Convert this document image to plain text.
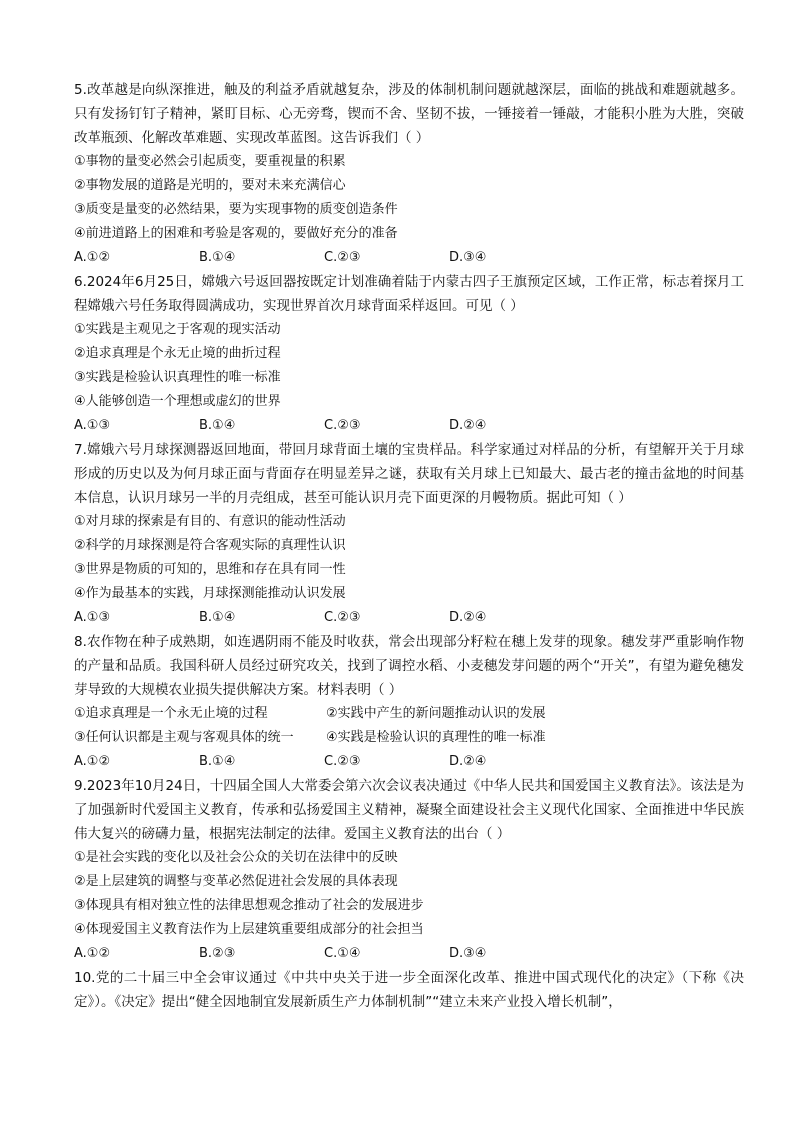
5.改革越是向纵深推进，触及的利益矛盾就越复杂，涉及的体制机制问题就越深层，面临的挑战和难题就越多。只有发扬钉钉子精神，紧盯目标、心无旁骛，锲而不舍、坚韧不拔，一锤接着一锤敲，才能积小胜为大胜，突破改革瓶颈、化解改革难题、实现改革蓝图。这告诉我们（ ）

①事物的量变必然会引起质变，要重视量的积累

②事物发展的道路是光明的，要对未来充满信心

③质变是量变的必然结果，要为实现事物的质变创造条件

④前进道路上的困难和考验是客观的，要做好充分的准备

A.①②	B.①④	C.②③	D.③④

6.2024年6月25日，嫦娥六号返回器按既定计划准确着陆于内蒙古四子王旗预定区域，工作正常，标志着探月工程嫦娥六号任务取得圆满成功，实现世界首次月球背面采样返回。可见（ ）

①实践是主观见之于客观的现实活动

②追求真理是个永无止境的曲折过程

③实践是检验认识真理性的唯一标准

④人能够创造一个理想或虚幻的世界

A.①③	B.①④	C.②③	D.②④

7.嫦娥六号月球探测器返回地面，带回月球背面土壤的宝贵样品。科学家通过对样品的分析，有望解开关于月球形成的历史以及为何月球正面与背面存在明显差异之谜，获取有关月球上已知最大、最古老的撞击盆地的时间基本信息，认识月球另一半的月壳组成，甚至可能认识月壳下面更深的月幔物质。据此可知（ ）

①对月球的探索是有目的、有意识的能动性活动

②科学的月球探测是符合客观实际的真理性认识

③世界是物质的可知的，思维和存在具有同一性

④作为最基本的实践，月球探测能推动认识发展

A.①③	B.①④	C.②③	D.②④

8.农作物在种子成熟期，如连遇阴雨不能及时收获，常会出现部分籽粒在穗上发芽的现象。穗发芽严重影响作物的产量和品质。我国科研人员经过研究攻关，找到了调控水稻、小麦穗发芽问题的两个“开关”，有望为避免穗发芽导致的大规模农业损失提供解决方案。材料表明（ ）

①追求真理是一个永无止境的过程	②实践中产生的新问题推动认识的发展
③任何认识都是主观与客观具体的统一	④实践是检验认识的真理性的唯一标准
A.①②	B.①④	C.②③	D.②④

9.2023年10月24日，十四届全国人大常委会第六次会议表决通过《中华人民共和国爱国主义教育法》。该法是为了加强新时代爱国主义教育，传承和弘扬爱国主义精神，凝聚全面建设社会主义现代化国家、全面推进中华民族伟大复兴的磅礴力量，根据宪法制定的法律。爱国主义教育法的出台（ ）

①是社会实践的变化以及社会公众的关切在法律中的反映

②是上层建筑的调整与变革必然促进社会发展的具体表现

③体现具有相对独立性的法律思想观念推动了社会的发展进步

④体现爱国主义教育法作为上层建筑重要组成部分的社会担当

A.①②	B.②③	C.①④	D.③④

10.党的二十届三中全会审议通过《中共中央关于进一步全面深化改革、推进中国式现代化的决定》（下称《决定》）。《决定》提出“健全因地制宜发展新质生产力体制机制”“建立未来产业投入增长机制”，
